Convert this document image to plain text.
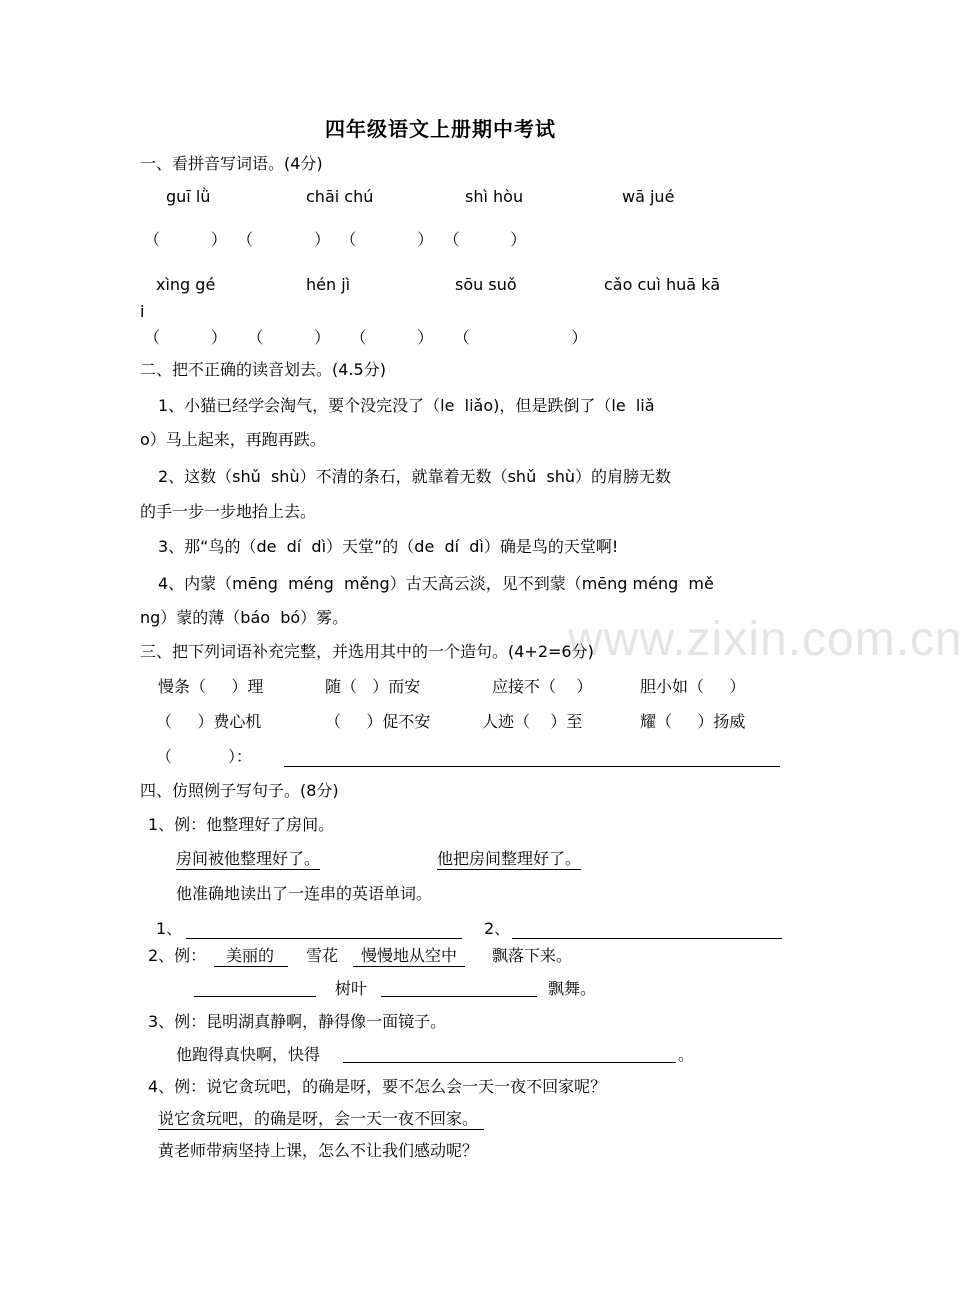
www.zixin.com.cn
四年级语文上册期中考试
一、看拼音写词语。(4分)
guī lǜ	chāi chú	shì hòu	wā jué
（          ）  （            ）  （            ）  （          ）
xìng gé	hén jì	sōu suǒ	cǎo cuì huā kā
i
（          ）    （          ）    （          ）    （                    ）
二、把不正确的读音划去。(4.5分)
1、小猫已经学会淘气，要个没完没了（le  liǎo)，但是跌倒了（le  liǎ
o）马上起来，再跑再跌。
2、这数（shǔ  shù）不清的条石，就靠着无数（shǔ  shù）的肩膀无数
的手一步一步地抬上去。
3、那“鸟的（de  dí  dì）天堂”的（de  dí  dì）确是鸟的天堂啊!
4、内蒙（mēng  méng  měng）古天高云淡，见不到蒙（mēng méng  mě
ng）蒙的薄（báo  bó）雾。
三、把下列词语补充完整，并选用其中的一个造句。(4+2=6分)
慢条（     ）理	随（   ）而安	应接不（    ）	胆小如（     ）
（     ）费心机	（     ）促不安	人迹（    ）至	耀（     ）扬威
（           ）：
四、仿照例子写句子。(8分)
1、例：他整理好了房间。
房间被他整理好了。	他把房间整理好了。
他准确地读出了一连串的英语单词。
1、	2、
2、例：	美丽的	雪花	慢慢地从空中	飘落下来。
树叶	飘舞。
3、例：昆明湖真静啊，静得像一面镜子。
他跑得真快啊，快得	。
4、例：说它贪玩吧，的确是呀，要不怎么会一天一夜不回家呢？
说它贪玩吧，的确是呀，会一天一夜不回家。
黄老师带病坚持上课，怎么不让我们感动呢？
